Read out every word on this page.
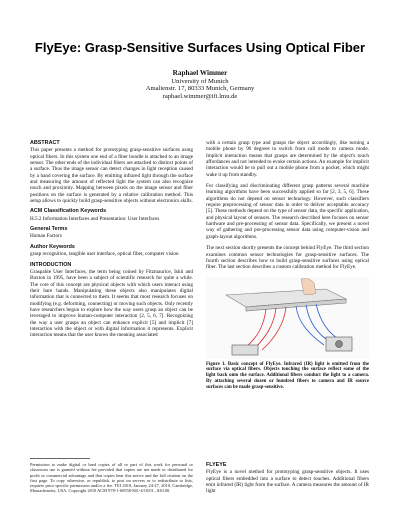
FlyEye: Grasp-Sensitive Surfaces Using Optical Fiber
Raphael Wimmer
University of Munich
Amalienstr. 17, 80333 Munich, Germany
raphael.wimmer@ifi.lmu.de
ABSTRACT

This paper presents a method for prototyping grasp-sensitive surfaces using optical fibers. In this system one end of a fiber bundle is attached to an image sensor. The other ends of the individual fibers are attached to distinct points of a surface. Thus the image sensor can detect changes in light reception caused by a hand covering the surface. By emitting infrared light through the surface and measuring the amount of reflected light the system can also recognize touch and proximity. Mapping between pixels on the image sensor and fiber positions on the surface is generated by a relative calibration method. This setup allows to quickly build grasp-sensitive objects without electronics skills.

ACM Classification Keywords

H.5.2 Information Interfaces and Presentation: User Interfaces

General Terms

Human Factors

Author Keywords

grasp recognition, tangible user interface, optical fiber, computer vision

INTRODUCTION

Graspable User Interfaces, the term being coined by Fitzmaurice, Ishii and Buxton in 1995, have been a subject of scientific research for quite a while. The core of this concept are physical objects with which users interact using their bare hands. Manipulating these objects also manipulates digital information that is connected to them. It seems that most research focuses on modifying (e.g. deforming, connecting) or moving such objects. Only recently have researchers begun to explore how the way users grasp an object can be leveraged to improve human-computer interaction [2, 5, 6, 7]. Recognizing the way a user grasps an object can enhance explicit [5] and implicit [7] interaction with the object or with digital information it represents. Explicit interaction means that the user knows the meaning associated

Permission to make digital or hard copies of all or part of this work for personal or classroom use is granted without fee provided that copies are not made or distributed for profit or commercial advantage and that copies bear this notice and the full citation on the first page. To copy otherwise, or republish, to post on servers or to redistribute to lists, requires prior specific permission and/or a fee. TEI 2010, January 24-27, 2010, Cambridge, Massachusetts, USA. Copyright 2010 ACM 978-1-60558-841-4/10/01...$10.00.

with a certain grasp type and grasps the object accordingly, like turning a mobile phone by 90 degrees to switch from call mode to camera mode. Implicit interaction means that grasps are determined by the object's touch affordances and not intended to evoke certain actions. An example for implicit interaction would be to pull out a mobile phone from a pocket, which might wake it up from standby.

For classifying and discriminating different grasp patterns several machine learning algorithms have been successfully applied so far [2, 3, 5, 6]. These algorithms do not depend on sensor technology. However, such classifiers require preprocessing of sensor data in order to deliver acceptable accuracy [5]. These methods depend on the type of sensor data, the specific application, and physical layout of sensors. The research described here focuses on sensor hardware and pre-processing of sensor data. Specifically, we present a novel way of gathering and pre-processing sensor data using computer-vision and graph-layout algorithms.

The next section shortly presents the concept behind FlyEye. The third section examines common sensor technologies for grasp-sensitive surfaces. The fourth section describes how to build grasp-sensitive surfaces using optical fiber. The last section describes a custom calibration method for FlyEye.

Figure 1. Basic concept of FlyEye. Infrared (IR) light is emitted from the surface via optical fibers. Objects touching the surface reflect some of the light back onto the surface. Additional fibers conduct the light to a camera. By attaching several dozen or hundred fibers to camera and IR source surfaces can be made grasp-sensitive.

FLYEYE

FlyEye is a novel method for prototyping grasp-sensitive objects. It uses optical fibers embedded into a surface to detect touches. Additional fibers emit infrared (IR) light from the surface. A camera measures the amount of IR light
